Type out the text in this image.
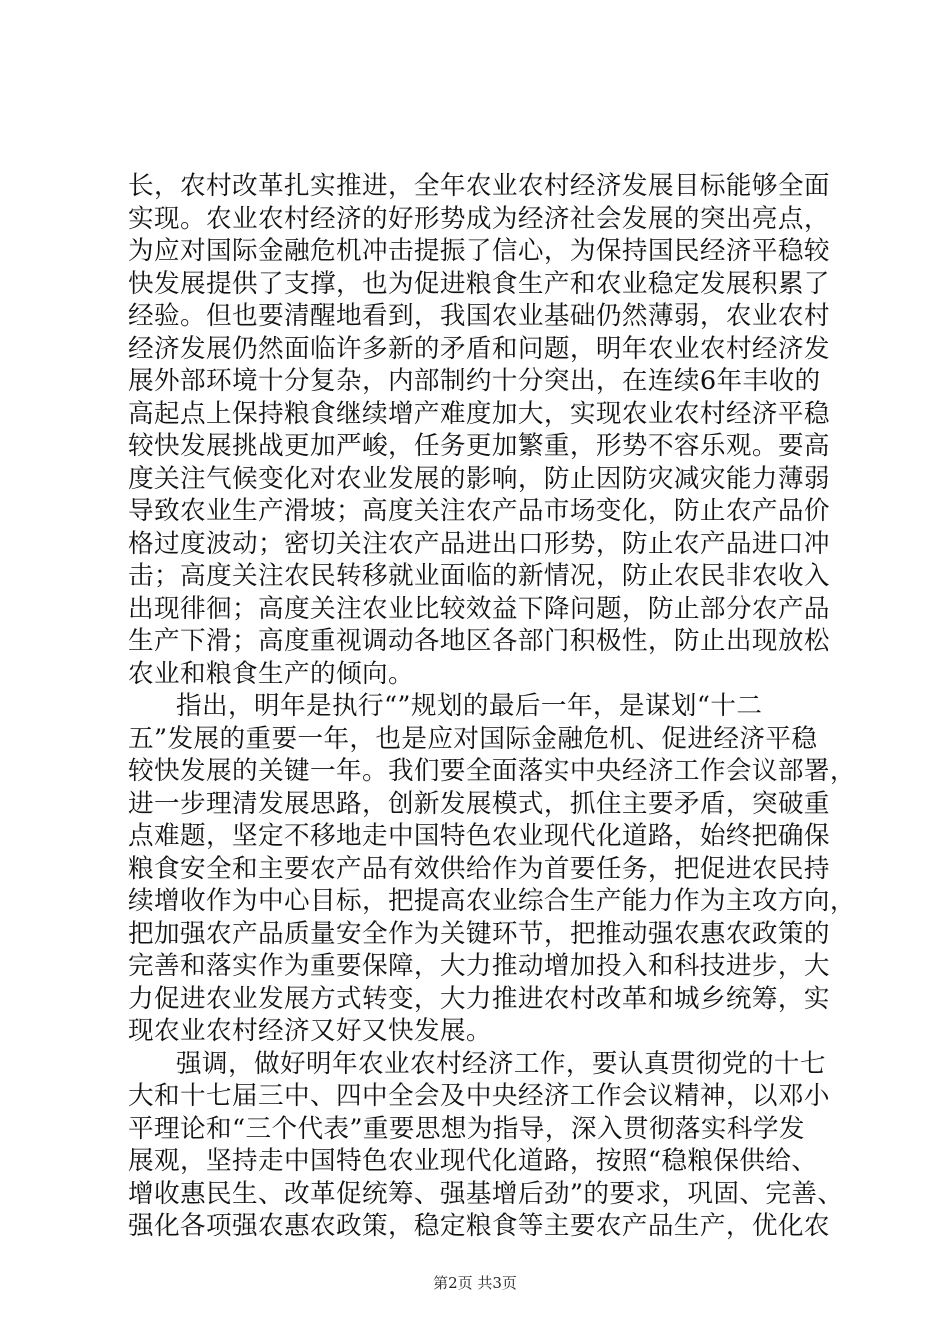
长，农村改革扎实推进，全年农业农村经济发展目标能够全面
实现。农业农村经济的好形势成为经济社会发展的突出亮点，
为应对国际金融危机冲击提振了信心，为保持国民经济平稳较
快发展提供了支撑，也为促进粮食生产和农业稳定发展积累了
经验。但也要清醒地看到，我国农业基础仍然薄弱，农业农村
经济发展仍然面临许多新的矛盾和问题，明年农业农村经济发
展外部环境十分复杂，内部制约十分突出，在连续6年丰收的
高起点上保持粮食继续增产难度加大，实现农业农村经济平稳
较快发展挑战更加严峻，任务更加繁重，形势不容乐观。要高
度关注气候变化对农业发展的影响，防止因防灾减灾能力薄弱
导致农业生产滑坡；高度关注农产品市场变化，防止农产品价
格过度波动；密切关注农产品进出口形势，防止农产品进口冲
击；高度关注农民转移就业面临的新情况，防止农民非农收入
出现徘徊；高度关注农业比较效益下降问题，防止部分农产品
生产下滑；高度重视调动各地区各部门积极性，防止出现放松
农业和粮食生产的倾向。
指出，明年是执行“”规划的最后一年，是谋划“十二
五”发展的重要一年，也是应对国际金融危机、促进经济平稳
较快发展的关键一年。我们要全面落实中央经济工作会议部署，
进一步理清发展思路，创新发展模式，抓住主要矛盾，突破重
点难题，坚定不移地走中国特色农业现代化道路，始终把确保
粮食安全和主要农产品有效供给作为首要任务，把促进农民持
续增收作为中心目标，把提高农业综合生产能力作为主攻方向，
把加强农产品质量安全作为关键环节，把推动强农惠农政策的
完善和落实作为重要保障，大力推动增加投入和科技进步，大
力促进农业发展方式转变，大力推进农村改革和城乡统筹，实
现农业农村经济又好又快发展。
强调，做好明年农业农村经济工作，要认真贯彻党的十七
大和十七届三中、四中全会及中央经济工作会议精神，以邓小
平理论和“三个代表”重要思想为指导，深入贯彻落实科学发
展观，坚持走中国特色农业现代化道路，按照“稳粮保供给、
增收惠民生、改革促统筹、强基增后劲”的要求，巩固、完善、
强化各项强农惠农政策，稳定粮食等主要农产品生产，优化农
第2页 共3页
